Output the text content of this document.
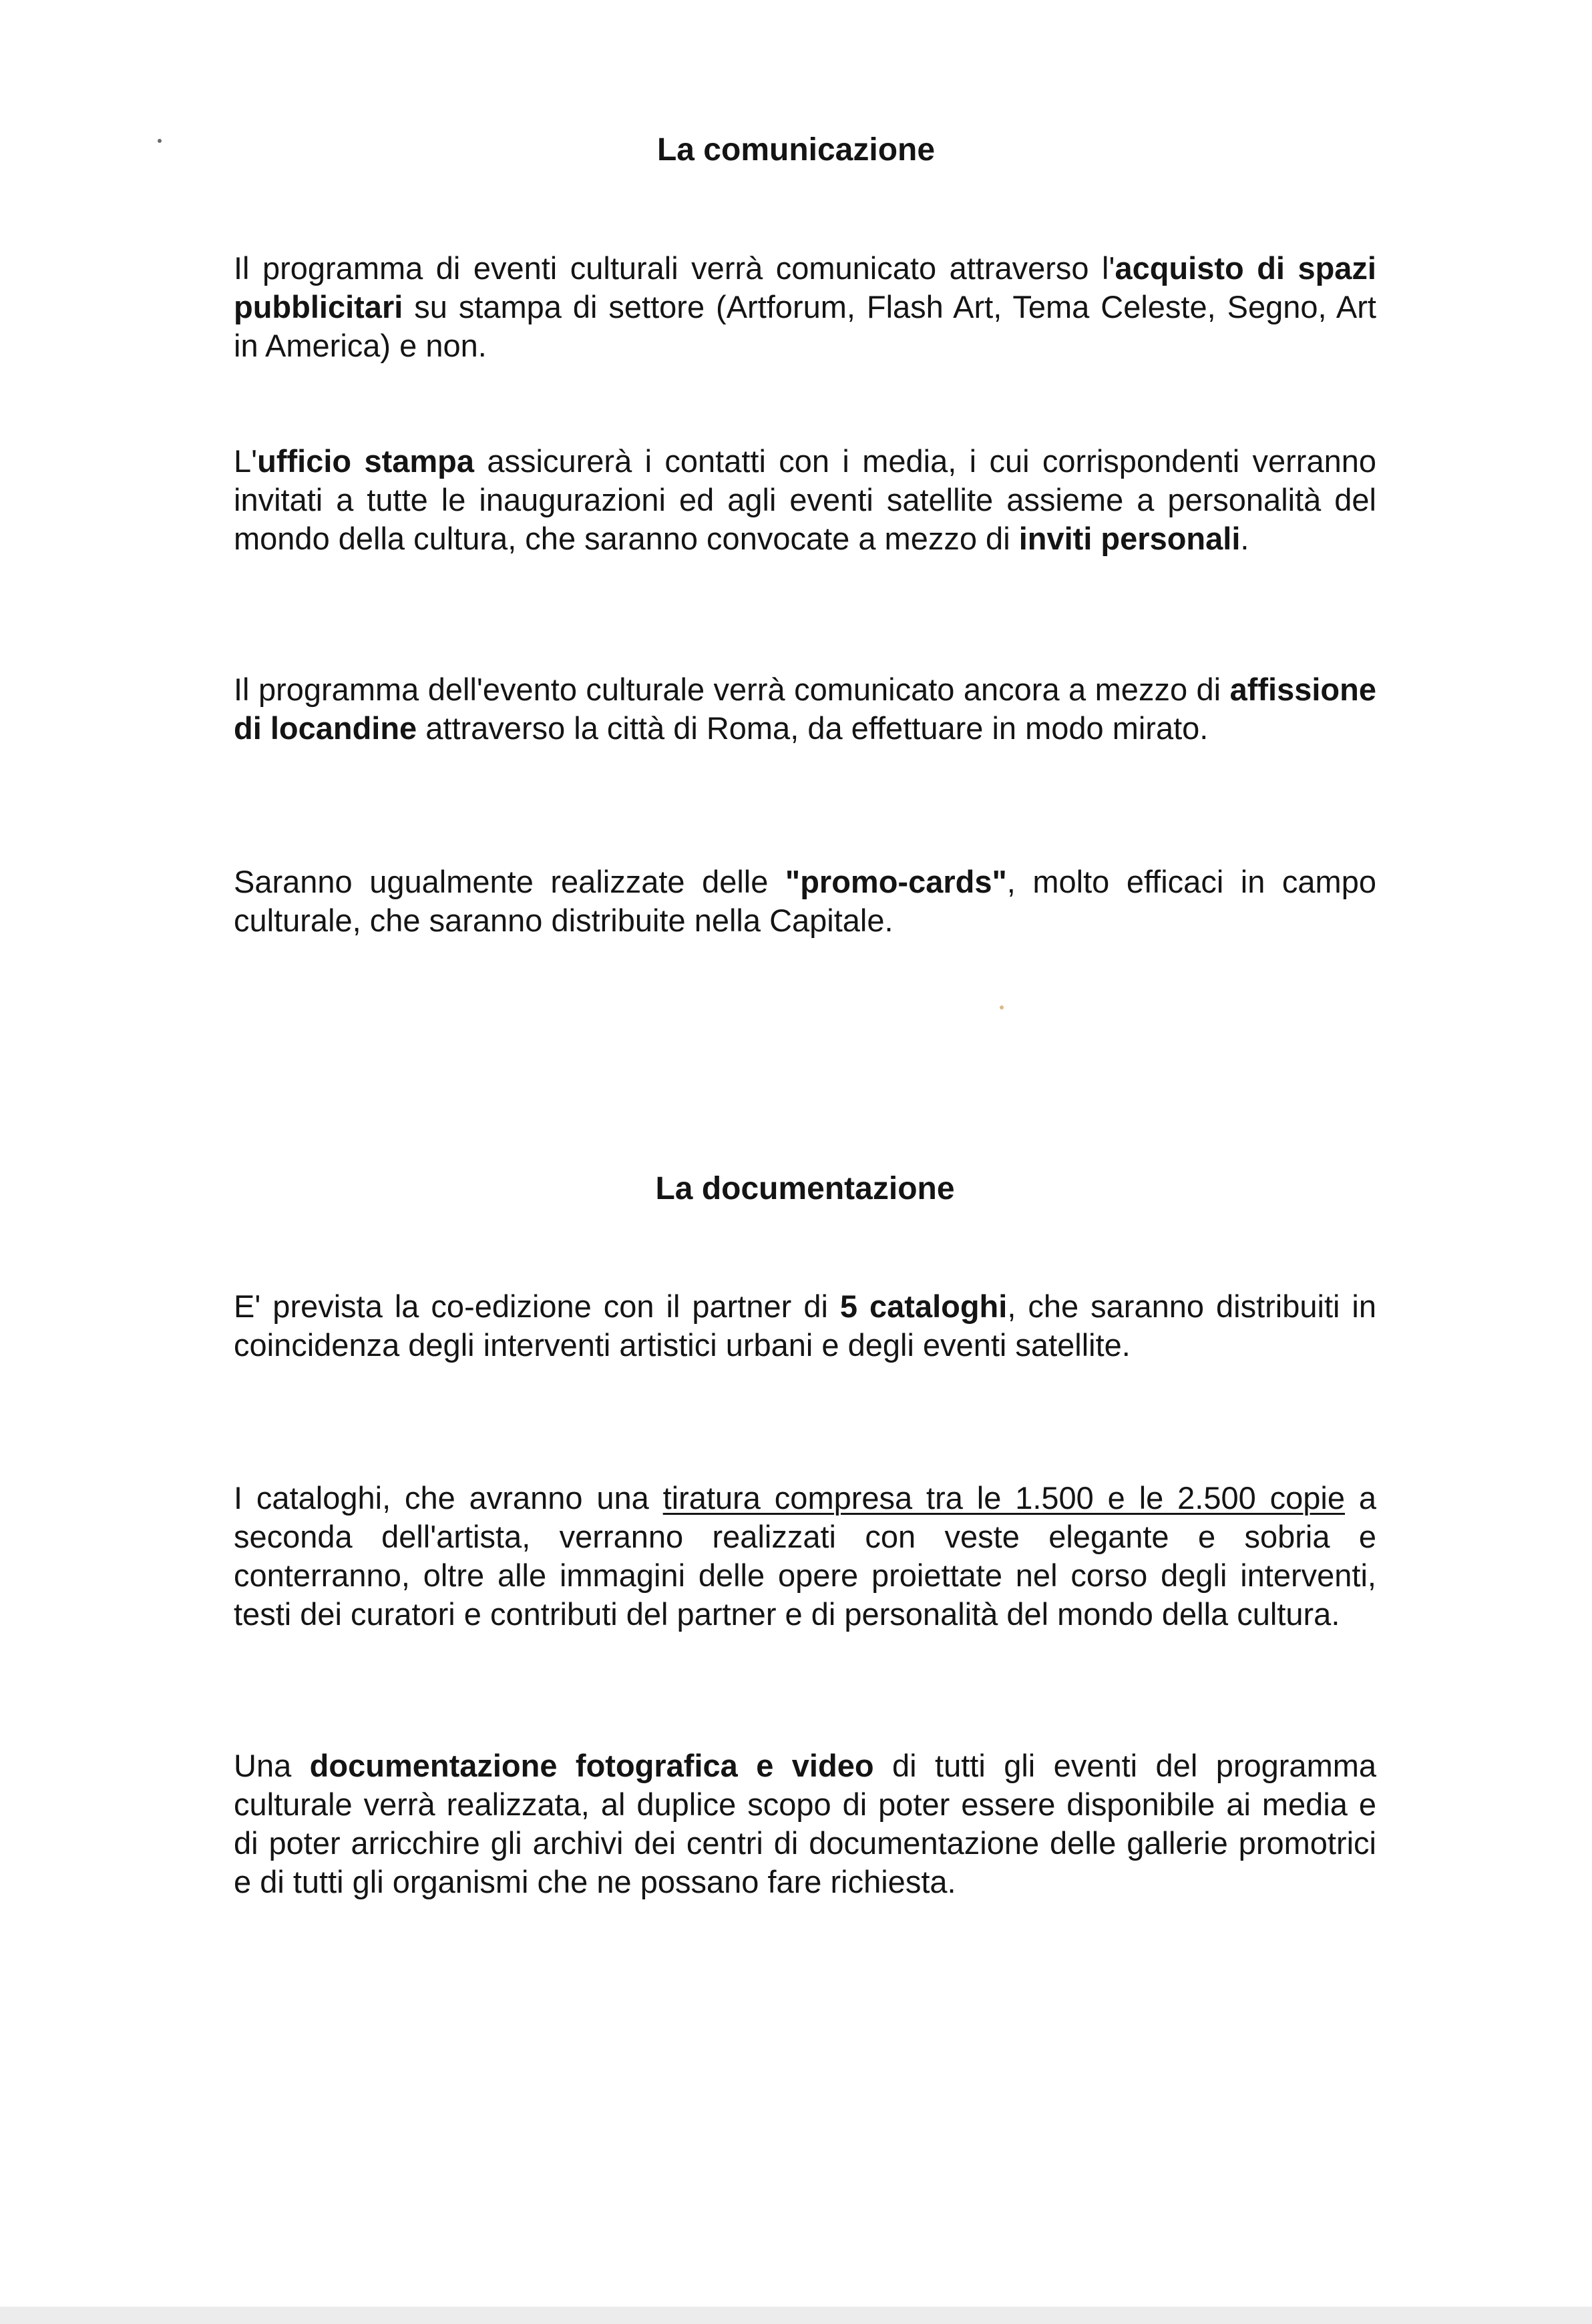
La comunicazione

Il programma di eventi culturali verrà comunicato attraverso l'acquisto di spazi pubblicitari su stampa di settore (Artforum, Flash Art, Tema Celeste, Segno, Art in America) e non.

L'ufficio stampa assicurerà i contatti con i media, i cui corrispondenti verranno invitati a tutte le inaugurazioni ed agli eventi satellite assieme a personalità del mondo della cultura, che saranno convocate a mezzo di inviti personali.

Il programma dell'evento culturale verrà comunicato ancora a mezzo di affissione di locandine attraverso la città di Roma, da effettuare in modo mirato.

Saranno ugualmente realizzate delle "promo-cards", molto efficaci in campo culturale, che saranno distribuite nella Capitale.

La documentazione

E' prevista la co-edizione con il partner di 5 cataloghi, che saranno distribuiti in coincidenza degli interventi artistici urbani e degli eventi satellite.

I cataloghi, che avranno una tiratura compresa tra le 1.500 e le 2.500 copie a seconda dell'artista, verranno realizzati con veste elegante e sobria e conterranno, oltre alle immagini delle opere proiettate nel corso degli interventi, testi dei curatori e contributi del partner e di personalità del mondo della cultura.

Una documentazione fotografica e video di tutti gli eventi del programma culturale verrà realizzata, al duplice scopo di poter essere disponibile ai media e di poter arricchire gli archivi dei centri di documentazione delle gallerie promotrici e di tutti gli organismi che ne possano fare richiesta.
